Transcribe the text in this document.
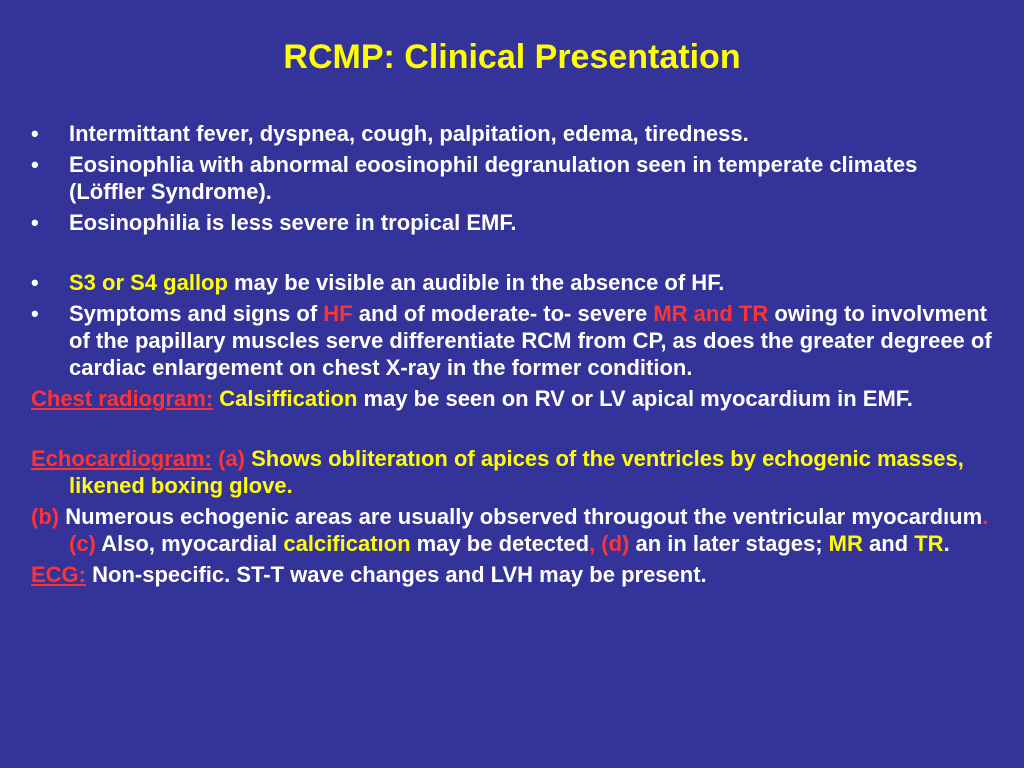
RCMP: Clinical Presentation
• Intermittant fever, dyspnea, cough, palpitation, edema, tiredness.
• Eosinophlia with abnormal eoosinophil degranulatıon seen in temperate climates (Löffler Syndrome).
• Eosinophilia is less severe in tropical EMF.
• S3 or S4 gallop may be visible an audible in the absence of HF.
• Symptoms and signs of HF and of moderate- to- severe MR and TR owing to involvment of the papillary muscles serve differentiate RCM from CP, as does the greater degreee of cardiac enlargement on chest X-ray in the former condition.
Chest radiogram: Calsiffication may be seen on RV or LV apical myocardium in EMF.
Echocardiogram: (a) Shows obliteratıon of apices of the ventricles by echogenic masses, likened boxing glove.
(b) Numerous echogenic areas are usually observed througout the ventricular myocardıum. (c) Also, myocardial calcificatıon may be detected, (d) an in later stages; MR and TR.
ECG: Non-specific. ST-T wave changes and LVH may be present.
